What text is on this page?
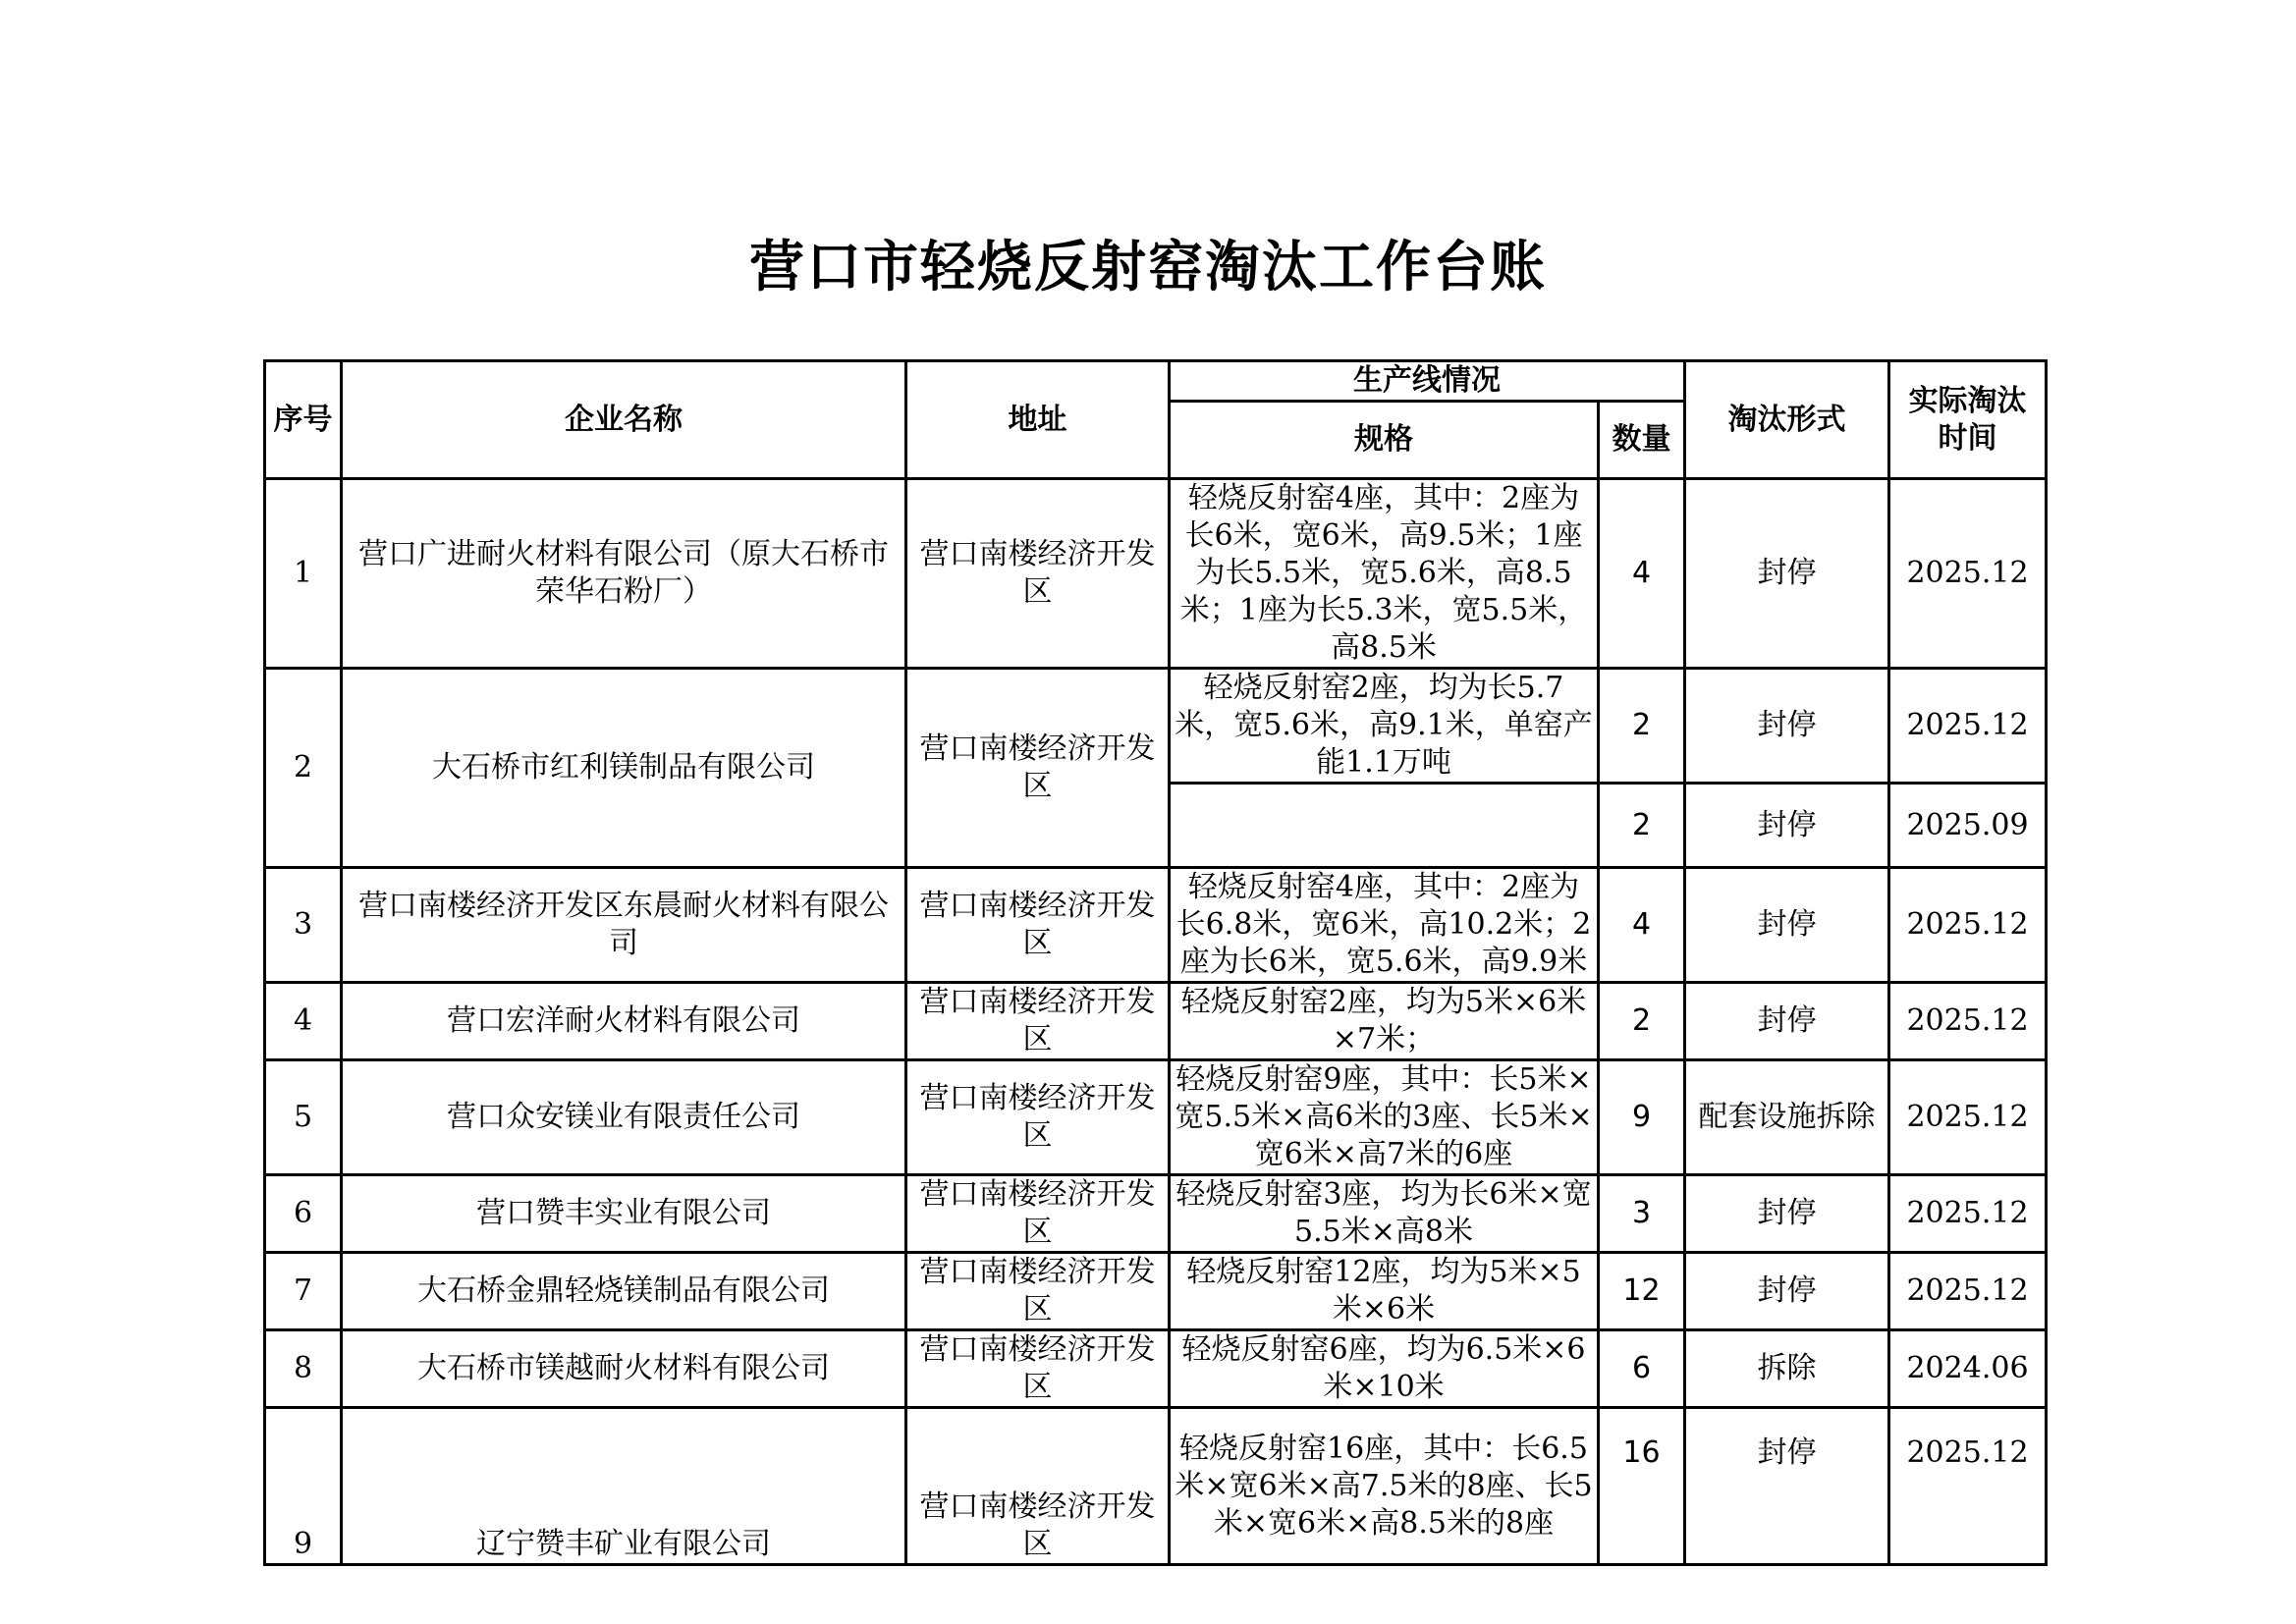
营口市轻烧反射窑淘汰工作台账
序号	企业名称	地址	生产线情况		淘汰形式	实际淘汰时间
			规格	数量		
1	营口广进耐火材料有限公司（原大石桥市荣华石粉厂）	营口南楼经济开发区	轻烧反射窑4座，其中：2座为长6米，宽6米，高9.5米；1座为长5.5米，宽5.6米，高8.5米；1座为长5.3米，宽5.5米，高8.5米	4	封停	2025.12
2	大石桥市红利镁制品有限公司	营口南楼经济开发区	轻烧反射窑2座，均为长5.7米，宽5.6米，高9.1米，单窑产能1.1万吨	2	封停	2025.12
				2	封停	2025.09
3	营口南楼经济开发区东晨耐火材料有限公司	营口南楼经济开发区	轻烧反射窑4座，其中：2座为长6.8米，宽6米，高10.2米；2座为长6米，宽5.6米，高9.9米	4	封停	2025.12
4	营口宏洋耐火材料有限公司	营口南楼经济开发区	轻烧反射窑2座，均为5米×6米×7米；	2	封停	2025.12
5	营口众安镁业有限责任公司	营口南楼经济开发区	轻烧反射窑9座，其中：长5米×宽5.5米×高6米的3座、长5米×宽6米×高7米的6座	9	配套设施拆除	2025.12
6	营口赞丰实业有限公司	营口南楼经济开发区	轻烧反射窑3座，均为长6米×宽5.5米×高8米	3	封停	2025.12
7	大石桥金鼎轻烧镁制品有限公司	营口南楼经济开发区	轻烧反射窑12座，均为5米×5米×6米	12	封停	2025.12
8	大石桥市镁越耐火材料有限公司	营口南楼经济开发区	轻烧反射窑6座，均为6.5米×6米×10米	6	拆除	2024.06
9	辽宁赞丰矿业有限公司	营口南楼经济开发区	轻烧反射窑16座，其中：长6.5米×宽6米×高7.5米的8座、长5米×宽6米×高8.5米的8座	16	封停	2025.12
